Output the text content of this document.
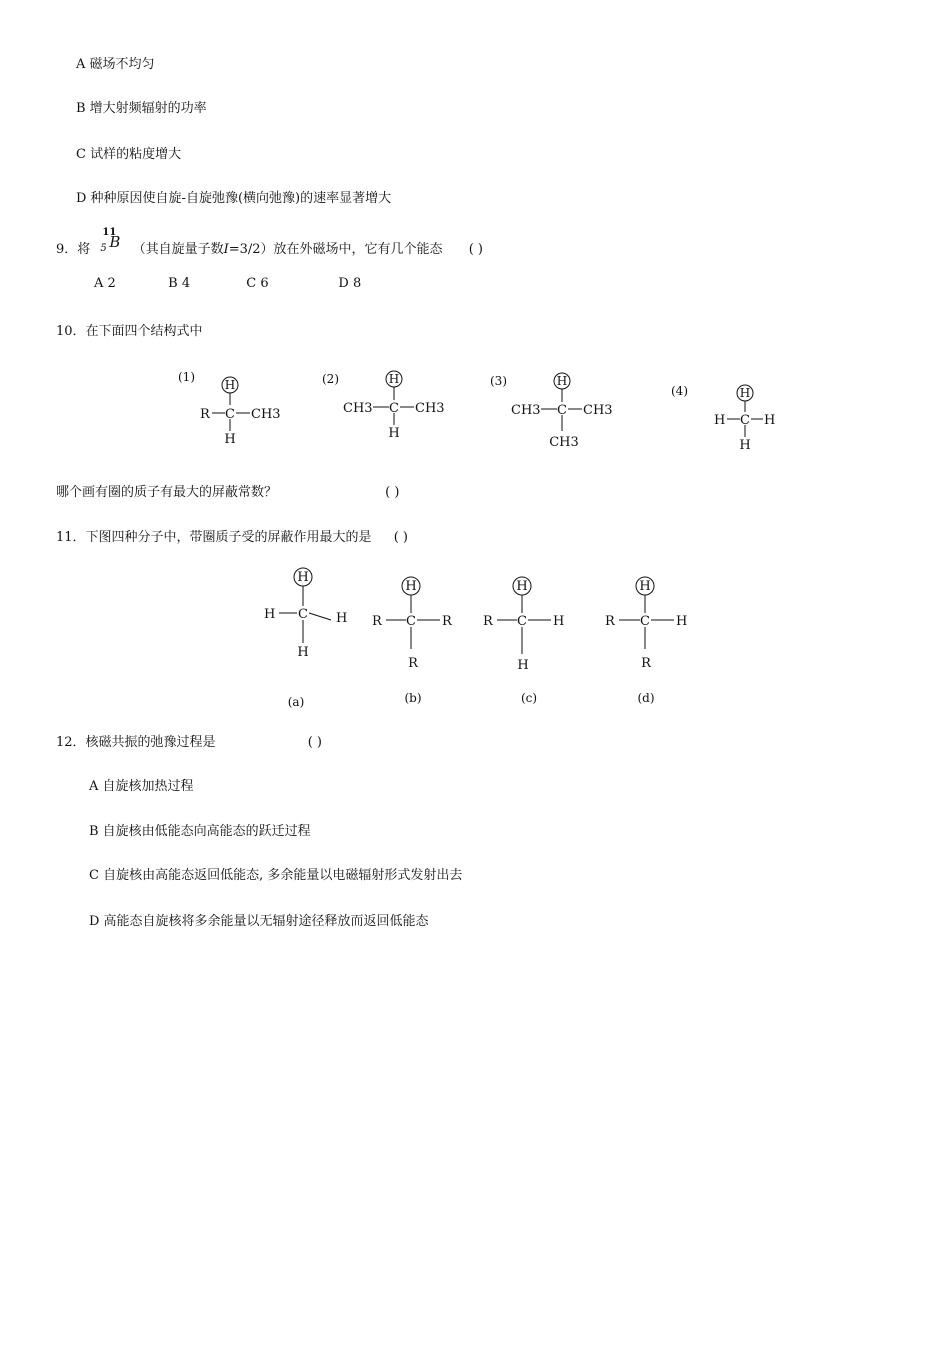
A 磁场不均匀
B 增大射频辐射的功率
C 试样的粘度增大
D 种种原因使自旋-自旋弛豫(横向弛豫)的速率显著增大
9．将
11
5 B （其自旋量子数I=3/2）放在外磁场中，它有几个能态 ( )
A 2	B 4	C 6	D 8
10．在下面四个结构式中
(1)
H
R C CH3
H
(2)	H
CH3 C CH3
H
(3)	H
CH3 C CH3
CH3
(4)	H
H C H
H
哪个画有圈的质子有最大的屏蔽常数？	( )
11．下图四种分子中，带圈质子受的屏蔽作用最大的是 ( )
H
H C H
H
(a)
H
R C R
R
(b)
H
R C H
H
(c)
H
R C H
R
(d)
12．核磁共振的弛豫过程是	( )
A 自旋核加热过程
B 自旋核由低能态向高能态的跃迁过程
C 自旋核由高能态返回低能态, 多余能量以电磁辐射形式发射出去
D 高能态自旋核将多余能量以无辐射途径释放而返回低能态
